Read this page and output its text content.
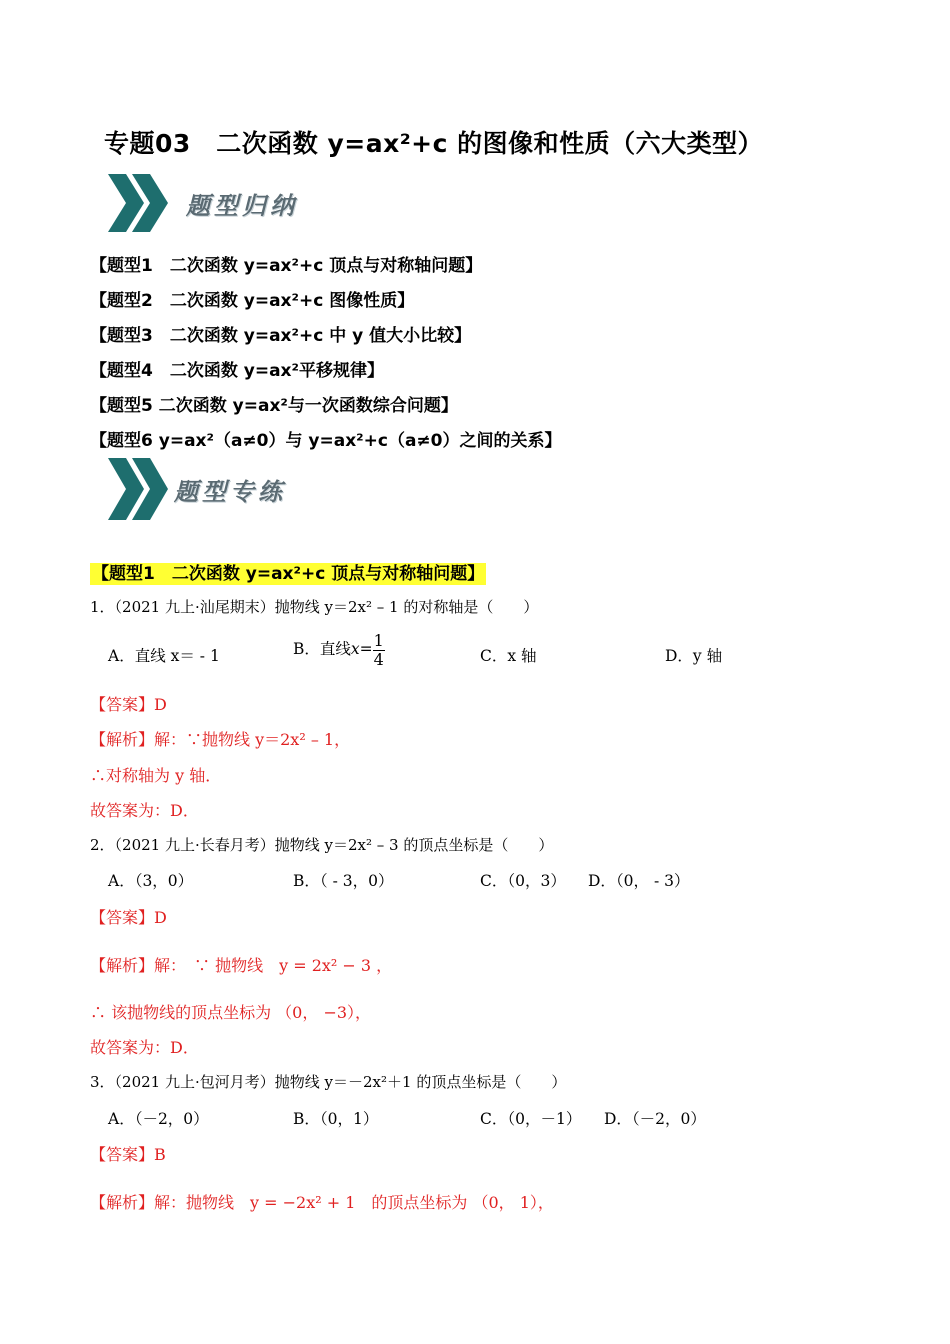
专题03　二次函数 y=ax²+c 的图像和性质（六大类型）
题型归纳
【题型1　二次函数 y=ax²+c 顶点与对称轴问题】
【题型2　二次函数 y=ax²+c 图像性质】
【题型3　二次函数 y=ax²+c 中 y 值大小比较】
【题型4　二次函数 y=ax²平移规律】
【题型5 二次函数 y=ax²与一次函数综合问题】
【题型6 y=ax²（a≠0）与 y=ax²+c（a≠0）之间的关系】
题型专练
【题型1　二次函数 y=ax²+c 顶点与对称轴问题】
1．（2021 九上·汕尾期末）抛物线 y＝2x² – 1 的对称轴是（　　）
A．直线 x＝ - 1	B．直线$x= \frac{1}{4}$	C．x 轴	D．y 轴
【答案】D
【解析】解：∵抛物线 y＝2x² – 1，
∴对称轴为 y 轴．
故答案为：D．
2．（2021 九上·长春月考）抛物线 y＝2x² – 3 的顶点坐标是（　　）
A．（3，0）	B．（ - 3，0）	C．（0，3） D．（0， - 3）
【答案】D
【解析】解：　∵ 抛物线　y = 2x² − 3 ，
∴ 该抛物线的顶点坐标为 （0， −3），
故答案为：D．
3．（2021 九上·包河月考）抛物线 y＝－2x²＋1 的顶点坐标是（　　）
A．（－2，0）	B．（0，1）	C．（0，－1） D．（－2，0）
【答案】B
【解析】解：抛物线　y = −2x² + 1　的顶点坐标为 （0， 1），
